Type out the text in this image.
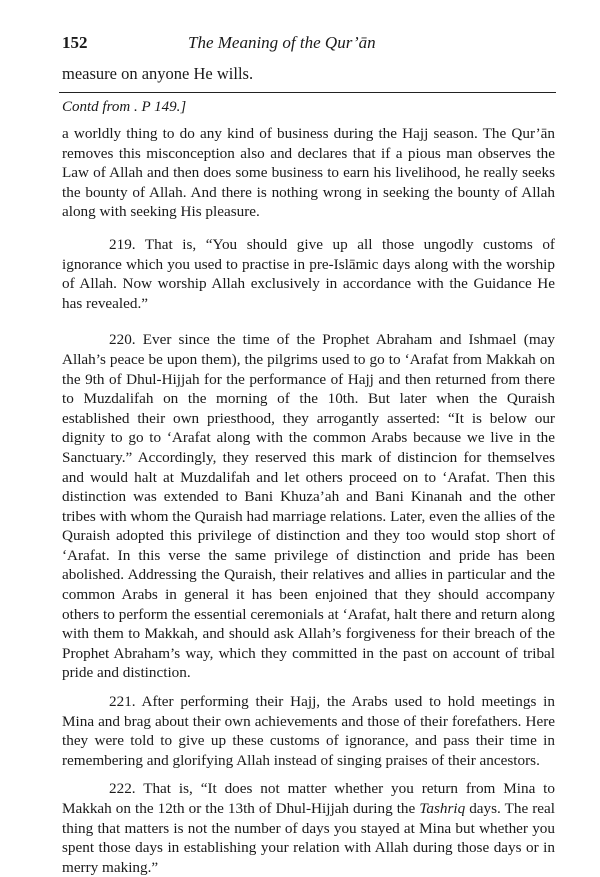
152	The Meaning of the Qur’ān
measure on anyone He wills.
Contd from . P 149.]

a worldly thing to do any kind of business during the Hajj season. The Qur’ān removes this misconception also and declares that if a pious man observes the Law of Allah and then does some business to earn his livelihood, he really seeks the bounty of Allah. And there is nothing wrong in seeking the bounty of Allah along with seeking His pleasure.

219. That is, “You should give up all those ungodly customs of ignorance which you used to practise in pre-Islāmic days along with the worship of Allah. Now worship Allah exclusively in accordance with the Guidance He has revealed.”

220. Ever since the time of the Prophet Abraham and Ishmael (may Allah’s peace be upon them), the pilgrims used to go to ‘Arafat from Makkah on the 9th of Dhul-Hijjah for the performance of Hajj and then returned from there to Muzdalifah on the morning of the 10th. But later when the Quraish established their own priesthood, they arrogantly asserted: “It is below our dignity to go to ‘Arafat along with the common Arabs because we live in the Sanctuary.” Accordingly, they reserved this mark of distincion for themselves and would halt at Muzdalifah and let others proceed on to ‘Arafat. Then this distinction was extended to Bani Khuza’ah and Bani Kinanah and the other tribes with whom the Quraish had marriage relations. Later, even the allies of the Quraish adopted this privilege of distinction and they too would stop short of ‘Arafat. In this verse the same privilege of distinction and pride has been abolished. Addressing the Quraish, their relatives and allies in particular and the common Arabs in general it has been enjoined that they should accompany others to perform the essential ceremonials at ‘Arafat, halt there and return along with them to Makkah, and should ask Allah’s forgiveness for their breach of the Prophet Abraham’s way, which they committed in the past on account of tribal pride and distinction.

221. After performing their Hajj, the Arabs used to hold meetings in Mina and brag about their own achievements and those of their forefathers. Here they were told to give up these customs of ignorance, and pass their time in remembering and glorifying Allah instead of singing praises of their ancestors.

222. That is, “It does not matter whether you return from Mina to Makkah on the 12th or the 13th of Dhul-Hijjah during the Tashriq days. The real thing that matters is not the number of days you stayed at Mina but whether you spent those days in establishing your relation with Allah during those days or in merry making.”
